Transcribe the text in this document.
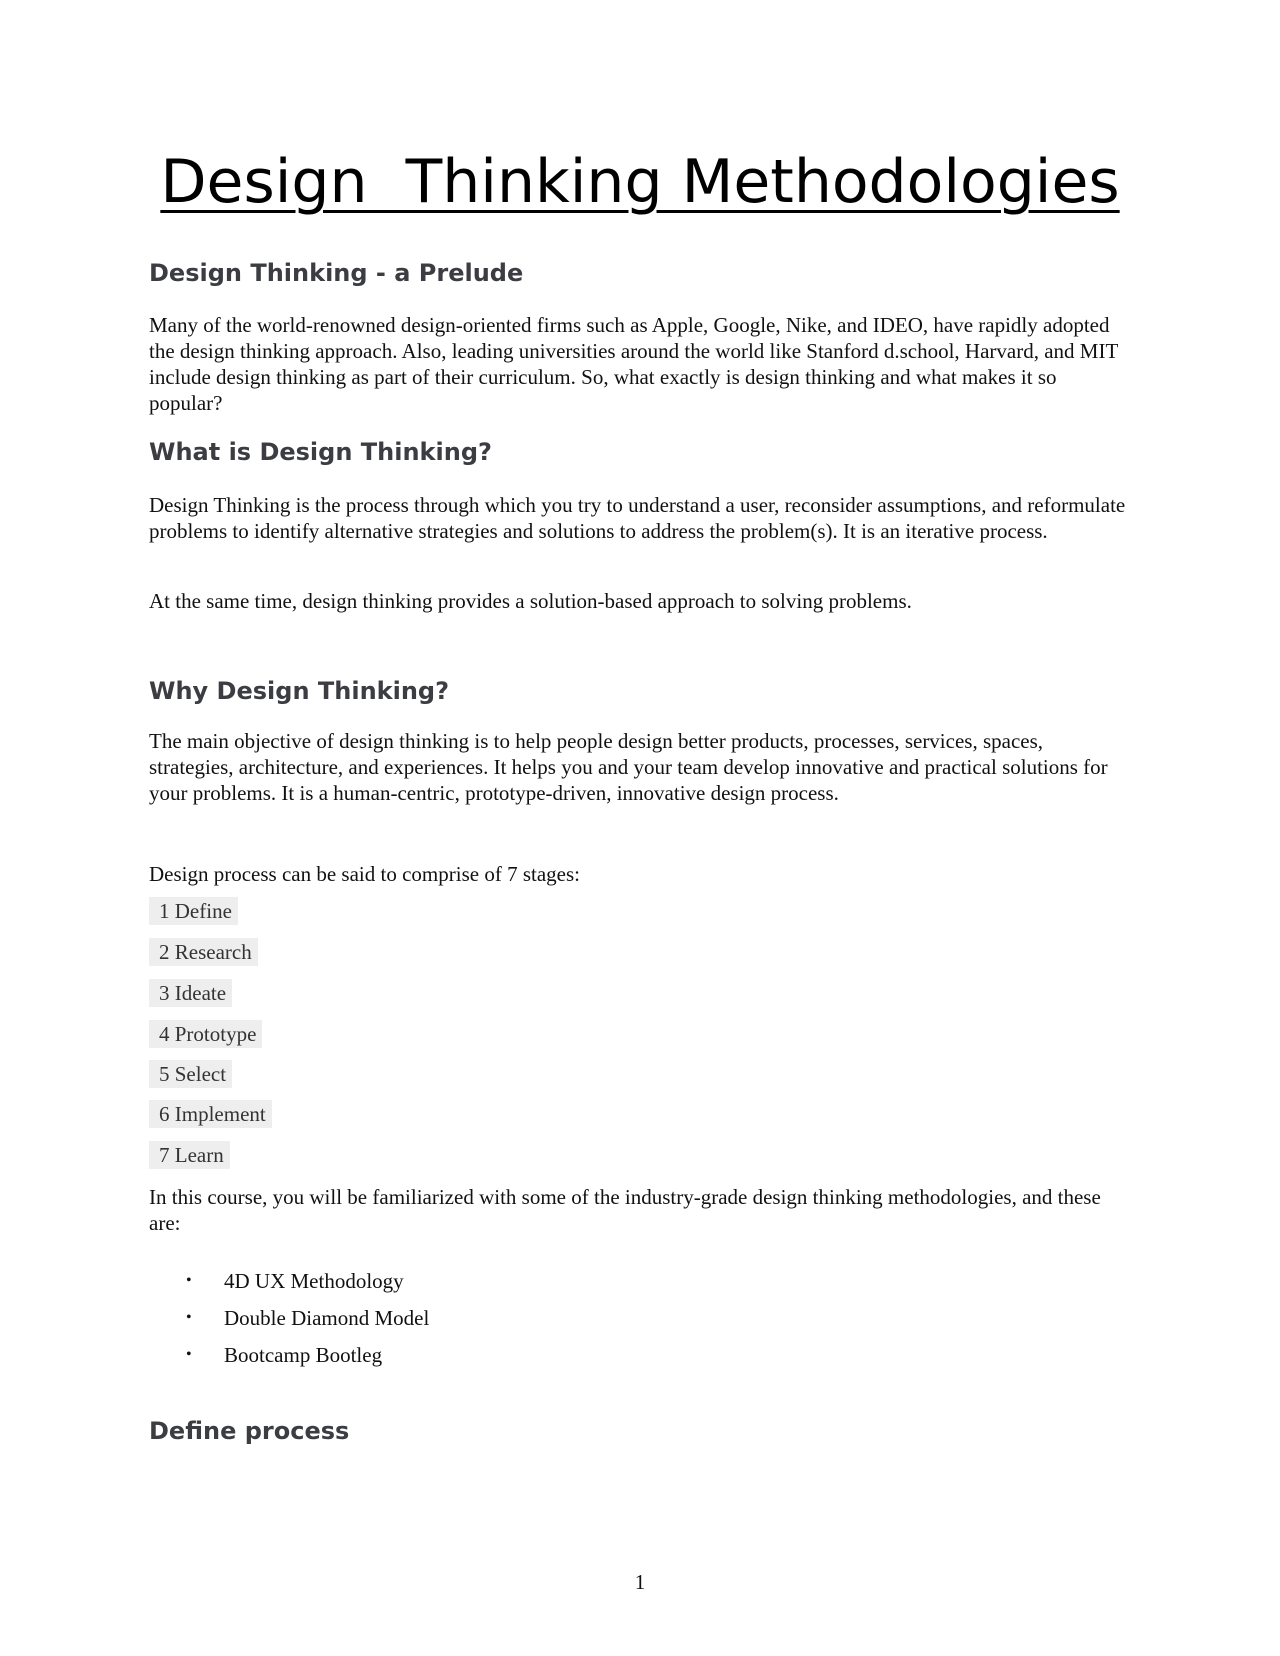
Design  Thinking Methodologies
Design Thinking - a Prelude

Many of the world-renowned design-oriented firms such as Apple, Google, Nike, and IDEO, have rapidly adopted the design thinking approach. Also, leading universities around the world like Stanford d.school, Harvard, and MIT include design thinking as part of their curriculum. So, what exactly is design thinking and what makes it so popular?

What is Design Thinking?

Design Thinking is the process through which you try to understand a user, reconsider assumptions, and reformulate problems to identify alternative strategies and solutions to address the problem(s). It is an iterative process.

At the same time, design thinking provides a solution-based approach to solving problems.

Why Design Thinking?

The main objective of design thinking is to help people design better products, processes, services, spaces, strategies, architecture, and experiences. It helps you and your team develop innovative and practical solutions for your problems. It is a human-centric, prototype-driven, innovative design process.

Design process can be said to comprise of 7 stages:

1 Define
2 Research
3 Ideate
4 Prototype
5 Select
6 Implement
7 Learn

In this course, you will be familiarized with some of the industry-grade design thinking methodologies, and these are:

• 4D UX Methodology
• Double Diamond Model
• Bootcamp Bootleg
Define process
1
